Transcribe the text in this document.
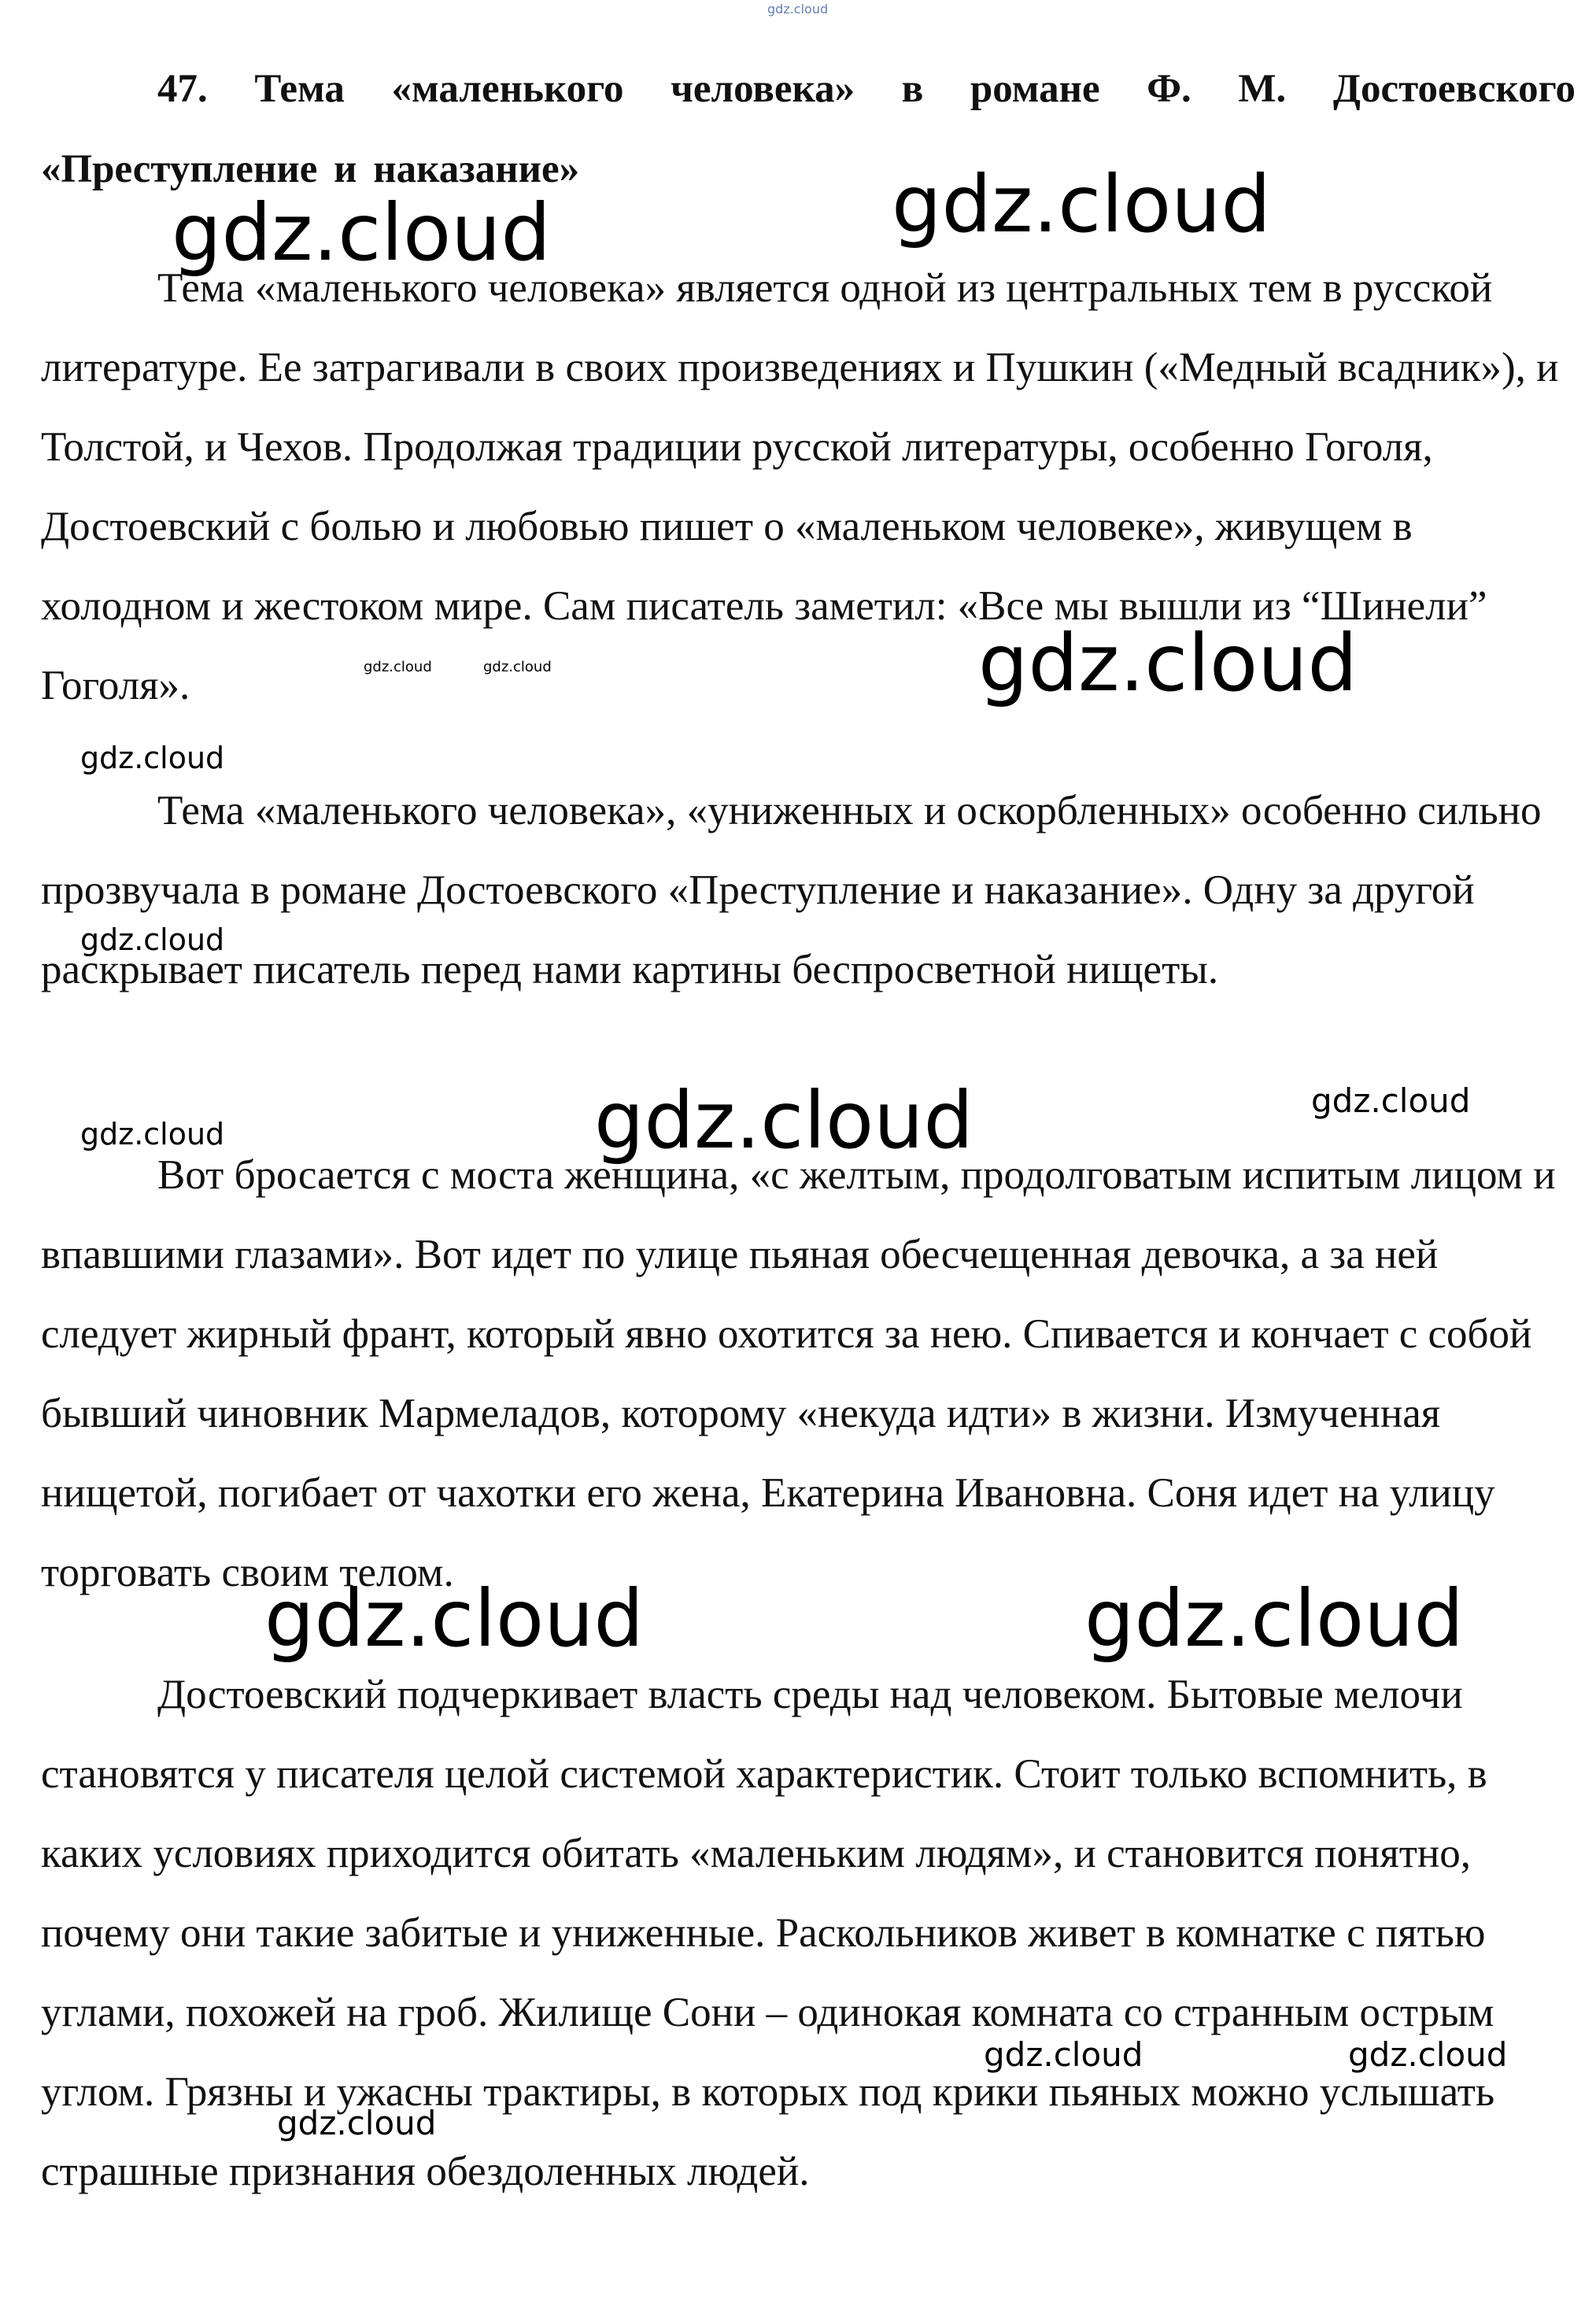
gdz.cloud

47. Тема «маленького человека» в романе Ф. М. Достоевского «Преступление и наказание»

Тема «маленького человека» является одной из центральных тем в русской литературе. Ее затрагивали в своих произведениях и Пушкин («Медный всадник»), и Толстой, и Чехов. Продолжая традиции русской литературы, особенно Гоголя, Достоевский с болью и любовью пишет о «маленьком человеке», живущем в холодном и жестоком мире. Сам писатель заметил: «Все мы вышли из “Шинели” Гоголя».

Тема «маленького человека», «униженных и оскорбленных» особенно сильно прозвучала в романе Достоевского «Преступление и наказание». Одну за другой раскрывает писатель перед нами картины беспросветной нищеты.

Вот бросается с моста женщина, «с желтым, продолговатым испитым лицом и впавшими глазами». Вот идет по улице пьяная обесчещенная девочка, а за ней следует жирный франт, который явно охотится за нею. Спивается и кончает с собой бывший чиновник Мармеладов, которому «некуда идти» в жизни. Измученная нищетой, погибает от чахотки его жена, Екатерина Ивановна. Соня идет на улицу торговать своим телом.

Достоевский подчеркивает власть среды над человеком. Бытовые мелочи становятся у писателя целой системой характеристик. Стоит только вспомнить, в каких условиях приходится обитать «маленьким людям», и становится понятно, почему они такие забитые и униженные. Раскольников живет в комнатке с пятью углами, похожей на гроб. Жилище Сони – одинокая комната со странным острым углом. Грязны и ужасны трактиры, в которых под крики пьяных можно услышать страшные признания обездоленных людей.

gdz.cloud	gdz.cloud
gdz.cloud	gdz.cloud	gdz.cloud
gdz.cloud
gdz.cloud
gdz.cloud	gdz.cloud
gdz.cloud
gdz.cloud	gdz.cloud
gdz.cloud	gdz.cloud
gdz.cloud
